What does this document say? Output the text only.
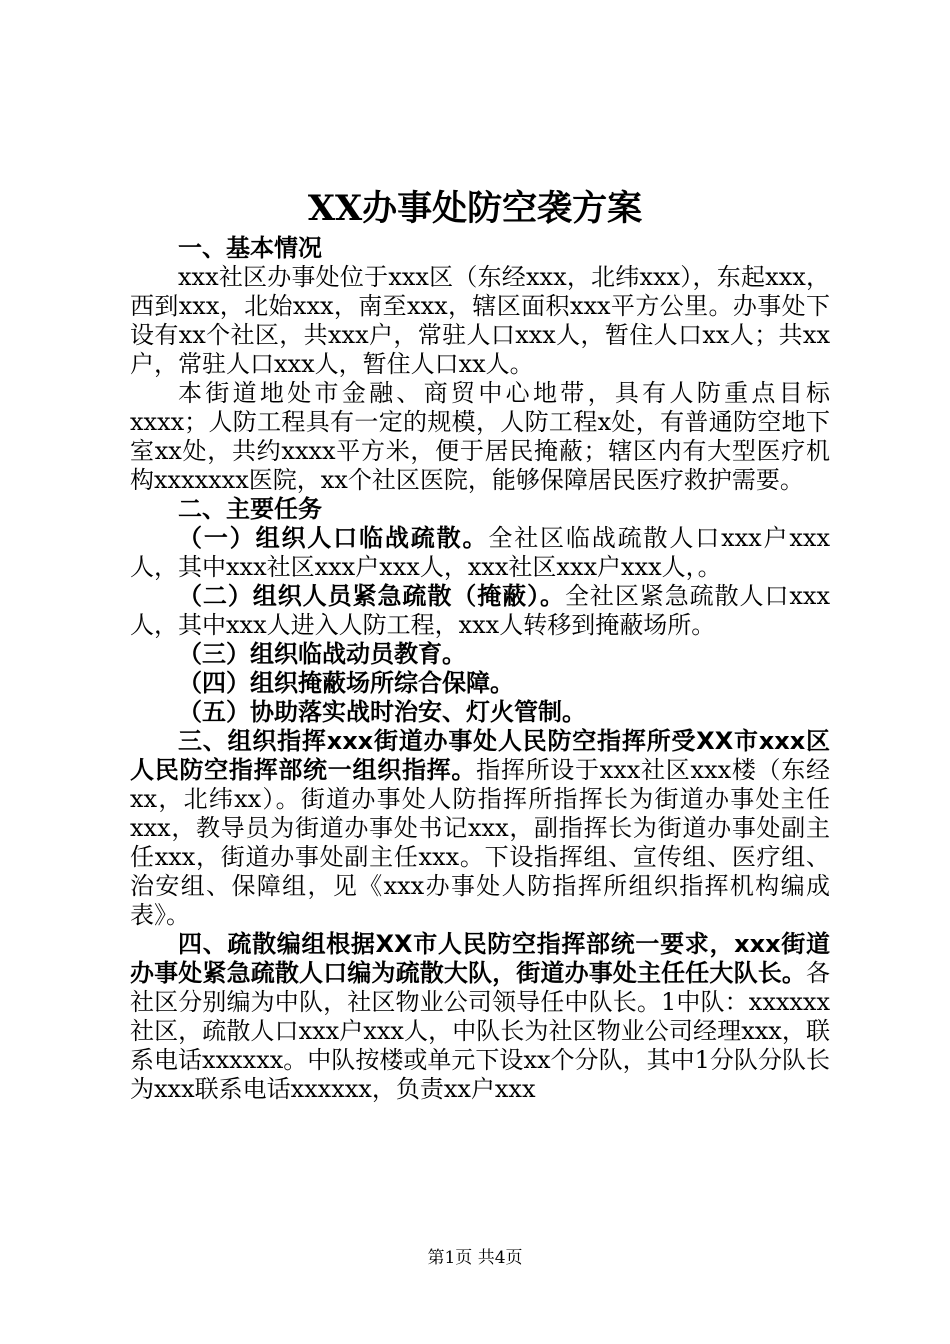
XX办事处防空袭方案

一、基本情况

xxx社区办事处位于xxx区（东经xxx，北纬xxx），东起xxx，西到xxx，北始xxx，南至xxx，辖区面积xxx平方公里。办事处下设有xx个社区，共xxx户，常驻人口xxx人，暂住人口xx人；共xx户，常驻人口xxx人，暂住人口xx人。

本街道地处市金融、商贸中心地带，具有人防重点目标xxxx；人防工程具有一定的规模，人防工程x处，有普通防空地下室xx处，共约xxxx平方米，便于居民掩蔽；辖区内有大型医疗机构xxxxxxx医院，xx个社区医院，能够保障居民医疗救护需要。

二、主要任务

（一）组织人口临战疏散。全社区临战疏散人口xxx户xxx人，其中xxx社区xxx户xxx人，xxx社区xxx户xxx人，。

（二）组织人员紧急疏散（掩蔽）。全社区紧急疏散人口xxx人，其中xxx人进入人防工程，xxx人转移到掩蔽场所。

（三）组织临战动员教育。

（四）组织掩蔽场所综合保障。

（五）协助落实战时治安、灯火管制。

三、组织指挥xxx街道办事处人民防空指挥所受XX市xxx区人民防空指挥部统一组织指挥。指挥所设于xxx社区xxx楼（东经xx，北纬xx）。街道办事处人防指挥所指挥长为街道办事处主任xxx，教导员为街道办事处书记xxx，副指挥长为街道办事处副主任xxx，街道办事处副主任xxx。下设指挥组、宣传组、医疗组、治安组、保障组，见《xxx办事处人防指挥所组织指挥机构编成表》。

四、疏散编组根据XX市人民防空指挥部统一要求，xxx街道办事处紧急疏散人口编为疏散大队，街道办事处主任任大队长。各社区分别编为中队，社区物业公司领导任中队长。1中队：xxxxxx社区，疏散人口xxx户xxx人，中队长为社区物业公司经理xxx，联系电话xxxxxx。中队按楼或单元下设xx个分队，其中1分队分队长为xxx联系电话xxxxxx，负责xx户xxx

第1页 共4页
